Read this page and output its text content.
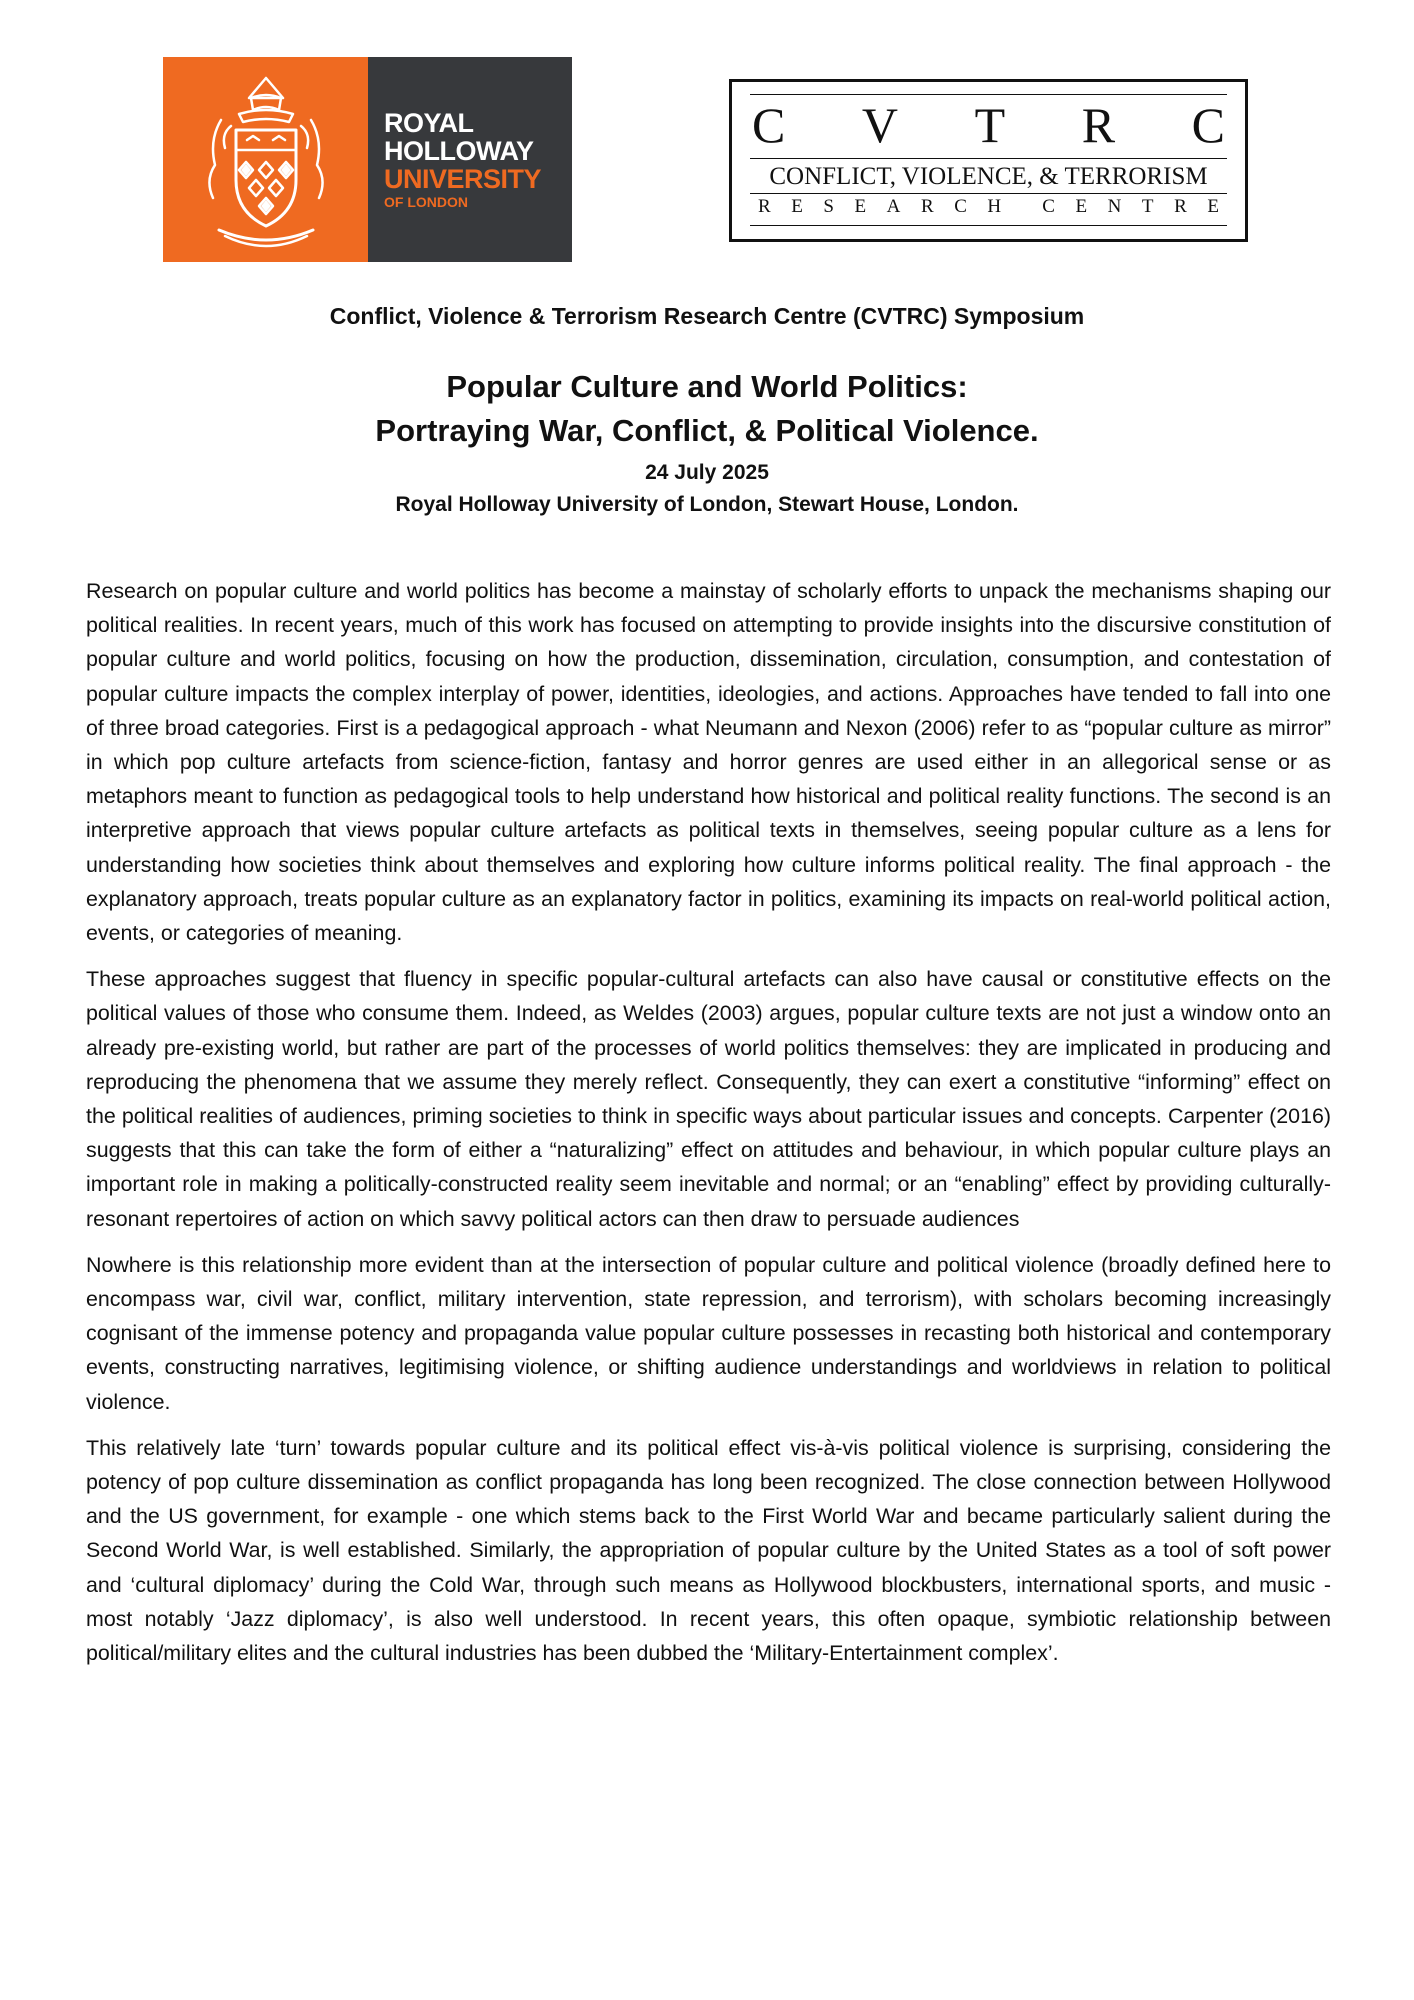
ROYAL
HOLLOWAY
UNIVERSITY
OF LONDON
C V T R C
CONFLICT, VIOLENCE, & TERRORISM
R E S E A R C H C E N T R E
Conflict, Violence & Terrorism Research Centre (CVTRC) Symposium
Popular Culture and World Politics:
Portraying War, Conflict, & Political Violence.
24 July 2025
Royal Holloway University of London, Stewart House, London.

Research on popular culture and world politics has become a mainstay of scholarly efforts to unpack the mechanisms shaping our political realities. In recent years, much of this work has focused on attempting to provide insights into the discursive constitution of popular culture and world politics, focusing on how the production, dissemination, circulation, consumption, and contestation of popular culture impacts the complex interplay of power, identities, ideologies, and actions. Approaches have tended to fall into one of three broad categories. First is a pedagogical approach - what Neumann and Nexon (2006) refer to as “popular culture as mirror” in which pop culture artefacts from science-fiction, fantasy and horror genres are used either in an allegorical sense or as metaphors meant to function as pedagogical tools to help understand how historical and political reality functions. The second is an interpretive approach that views popular culture artefacts as political texts in themselves, seeing popular culture as a lens for understanding how societies think about themselves and exploring how culture informs political reality. The final approach - the explanatory approach, treats popular culture as an explanatory factor in politics, examining its impacts on real-world political action, events, or categories of meaning.

These approaches suggest that fluency in specific popular-cultural artefacts can also have causal or constitutive effects on the political values of those who consume them. Indeed, as Weldes (2003) argues, popular culture texts are not just a window onto an already pre-existing world, but rather are part of the processes of world politics themselves: they are implicated in producing and reproducing the phenomena that we assume they merely reflect. Consequently, they can exert a constitutive “informing” effect on the political realities of audiences, priming societies to think in specific ways about particular issues and concepts. Carpenter (2016) suggests that this can take the form of either a “naturalizing” effect on attitudes and behaviour, in which popular culture plays an important role in making a politically-constructed reality seem inevitable and normal; or an “enabling” effect by providing culturally-resonant repertoires of action on which savvy political actors can then draw to persuade audiences

Nowhere is this relationship more evident than at the intersection of popular culture and political violence (broadly defined here to encompass war, civil war, conflict, military intervention, state repression, and terrorism), with scholars becoming increasingly cognisant of the immense potency and propaganda value popular culture possesses in recasting both historical and contemporary events, constructing narratives, legitimising violence, or shifting audience understandings and worldviews in relation to political violence.

This relatively late ‘turn’ towards popular culture and its political effect vis-à-vis political violence is surprising, considering the potency of pop culture dissemination as conflict propaganda has long been recognized. The close connection between Hollywood and the US government, for example - one which stems back to the First World War and became particularly salient during the Second World War, is well established. Similarly, the appropriation of popular culture by the United States as a tool of soft power and ‘cultural diplomacy’ during the Cold War, through such means as Hollywood blockbusters, international sports, and music - most notably ‘Jazz diplomacy’, is also well understood. In recent years, this often opaque, symbiotic relationship between political/military elites and the cultural industries has been dubbed the ‘Military-Entertainment complex’.
